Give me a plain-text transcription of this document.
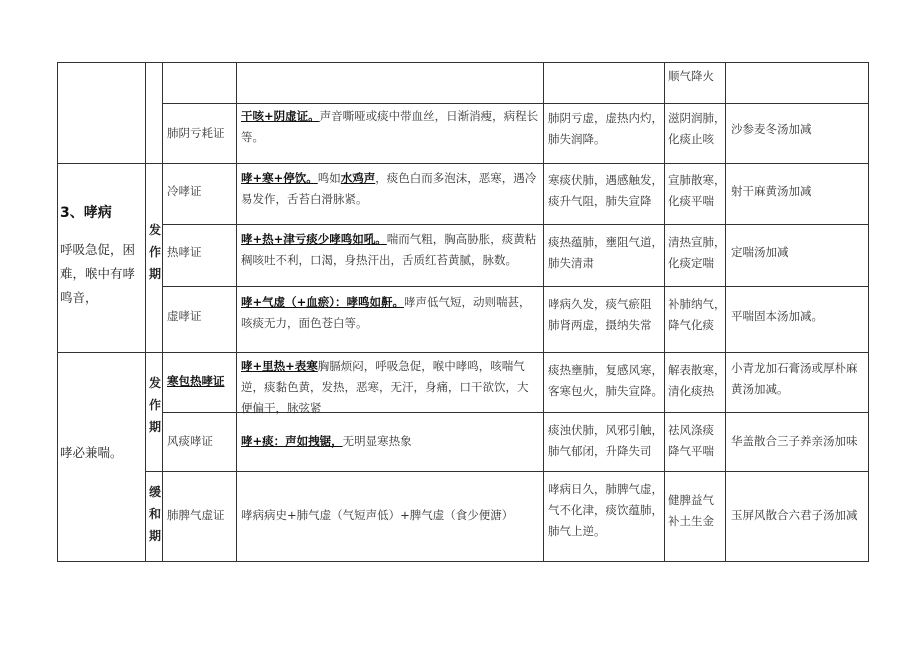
顺气降火
肺阴亏耗证
干咳+阴虚证。声音嘶哑或痰中带血丝，日渐消瘦，病程长等。
肺阴亏虚，虚热内灼，
肺失润降。
滋阴润肺，
化痰止咳
沙参麦冬汤加减
3、哮病
呼吸急促，困
难，喉中有哮
鸣音，
发
作
期
冷哮证
哮+寒+停饮。鸣如水鸡声，痰色白而多泡沫，恶寒，遇冷易发作，舌苔白滑脉紧。
寒痰伏肺，遇感触发，
痰升气阻，肺失宣降
宣肺散寒，
化痰平喘
射干麻黄汤加减
热哮证
哮+热+津亏痰少哮鸣如吼。喘而气粗，胸高胁胀，痰黄粘稠咳吐不利，口渴，身热汗出，舌质红苔黄腻，脉数。
痰热蕴肺，壅阻气道，
肺失清肃
清热宣肺，
化痰定喘
定喘汤加减
虚哮证
哮+气虚（+血瘀）：哮鸣如鼾。哮声低气短，动则喘甚，咳痰无力，面色苍白等。
哮病久发，痰气瘀阻
肺肾两虚，摄纳失常
补肺纳气，
降气化痰
平喘固本汤加减。
哮必兼喘。
发
作
期
寒包热哮证
哮+里热+表寒胸膈烦闷，呼吸急促，喉中哮鸣，咳喘气逆，痰黏色黄，发热，恶寒，无汗，身痛，口干欲饮，大便偏干，脉弦紧
痰热壅肺，复感风寒，
客寒包火，肺失宣降。
解表散寒，
清化痰热
小青龙加石膏汤或厚朴麻
黄汤加减。
风痰哮证 哮+痰：声如拽锯，无明显寒热象
痰浊伏肺，风邪引触，
肺气郁闭，升降失司
祛风涤痰
降气平喘
华盖散合三子养亲汤加味
缓
和
期
肺脾气虚证 哮病病史+肺气虚（气短声低）+脾气虚（食少便溏）
哮病日久，肺脾气虚，
气不化津，痰饮蕴肺，
肺气上逆。
健脾益气
补土生金 玉屏风散合六君子汤加减
